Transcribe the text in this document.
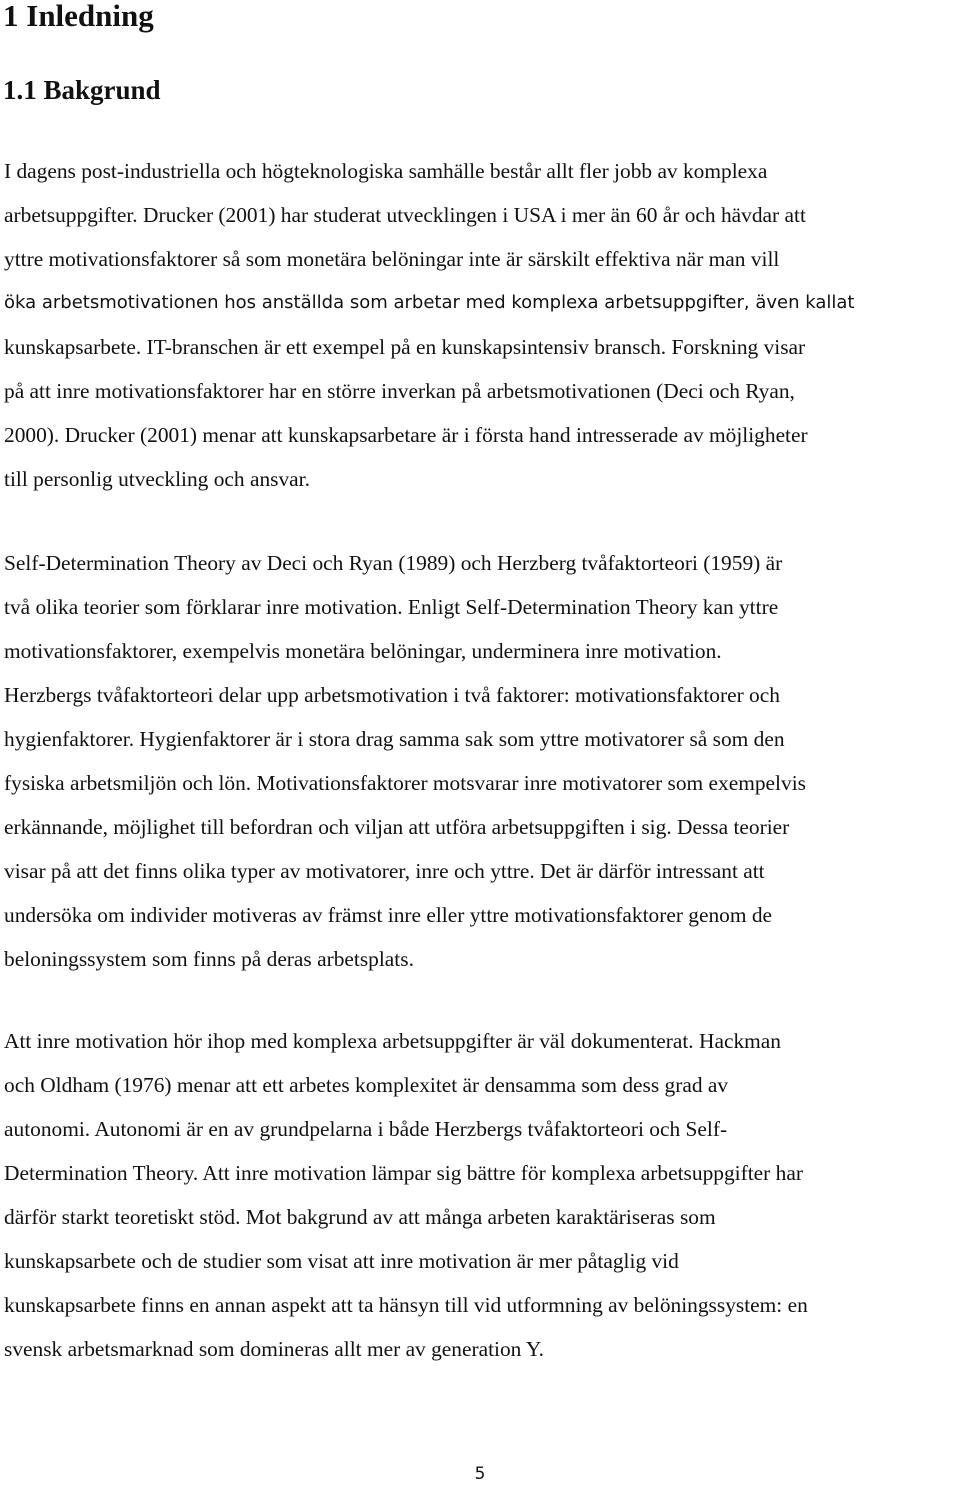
1 Inledning
1.1 Bakgrund
I dagens post-industriella och högteknologiska samhälle består allt fler jobb av komplexa
arbetsuppgifter. Drucker (2001) har studerat utvecklingen i USA i mer än 60 år och hävdar att
yttre motivationsfaktorer så som monetära belöningar inte är särskilt effektiva när man vill
öka arbetsmotivationen hos anställda som arbetar med komplexa arbetsuppgifter, även kallat
kunskapsarbete. IT-branschen är ett exempel på en kunskapsintensiv bransch. Forskning visar
på att inre motivationsfaktorer har en större inverkan på arbetsmotivationen (Deci och Ryan,
2000). Drucker (2001) menar att kunskapsarbetare är i första hand intresserade av möjligheter
till personlig utveckling och ansvar.
Self-Determination Theory av Deci och Ryan (1989) och Herzberg tvåfaktorteori (1959) är
två olika teorier som förklarar inre motivation. Enligt Self-Determination Theory kan yttre
motivationsfaktorer, exempelvis monetära belöningar, underminera inre motivation.
Herzbergs tvåfaktorteori delar upp arbetsmotivation i två faktorer: motivationsfaktorer och
hygienfaktorer. Hygienfaktorer är i stora drag samma sak som yttre motivatorer så som den
fysiska arbetsmiljön och lön. Motivationsfaktorer motsvarar inre motivatorer som exempelvis
erkännande, möjlighet till befordran och viljan att utföra arbetsuppgiften i sig. Dessa teorier
visar på att det finns olika typer av motivatorer, inre och yttre. Det är därför intressant att
undersöka om individer motiveras av främst inre eller yttre motivationsfaktorer genom de
beloningssystem som finns på deras arbetsplats.
Att inre motivation hör ihop med komplexa arbetsuppgifter är väl dokumenterat. Hackman
och Oldham (1976) menar att ett arbetes komplexitet är densamma som dess grad av
autonomi. Autonomi är en av grundpelarna i både Herzbergs tvåfaktorteori och Self-
Determination Theory. Att inre motivation lämpar sig bättre för komplexa arbetsuppgifter har
därför starkt teoretiskt stöd. Mot bakgrund av att många arbeten karaktäriseras som
kunskapsarbete och de studier som visat att inre motivation är mer påtaglig vid
kunskapsarbete finns en annan aspekt att ta hänsyn till vid utformning av belöningssystem: en
svensk arbetsmarknad som domineras allt mer av generation Y.
5
